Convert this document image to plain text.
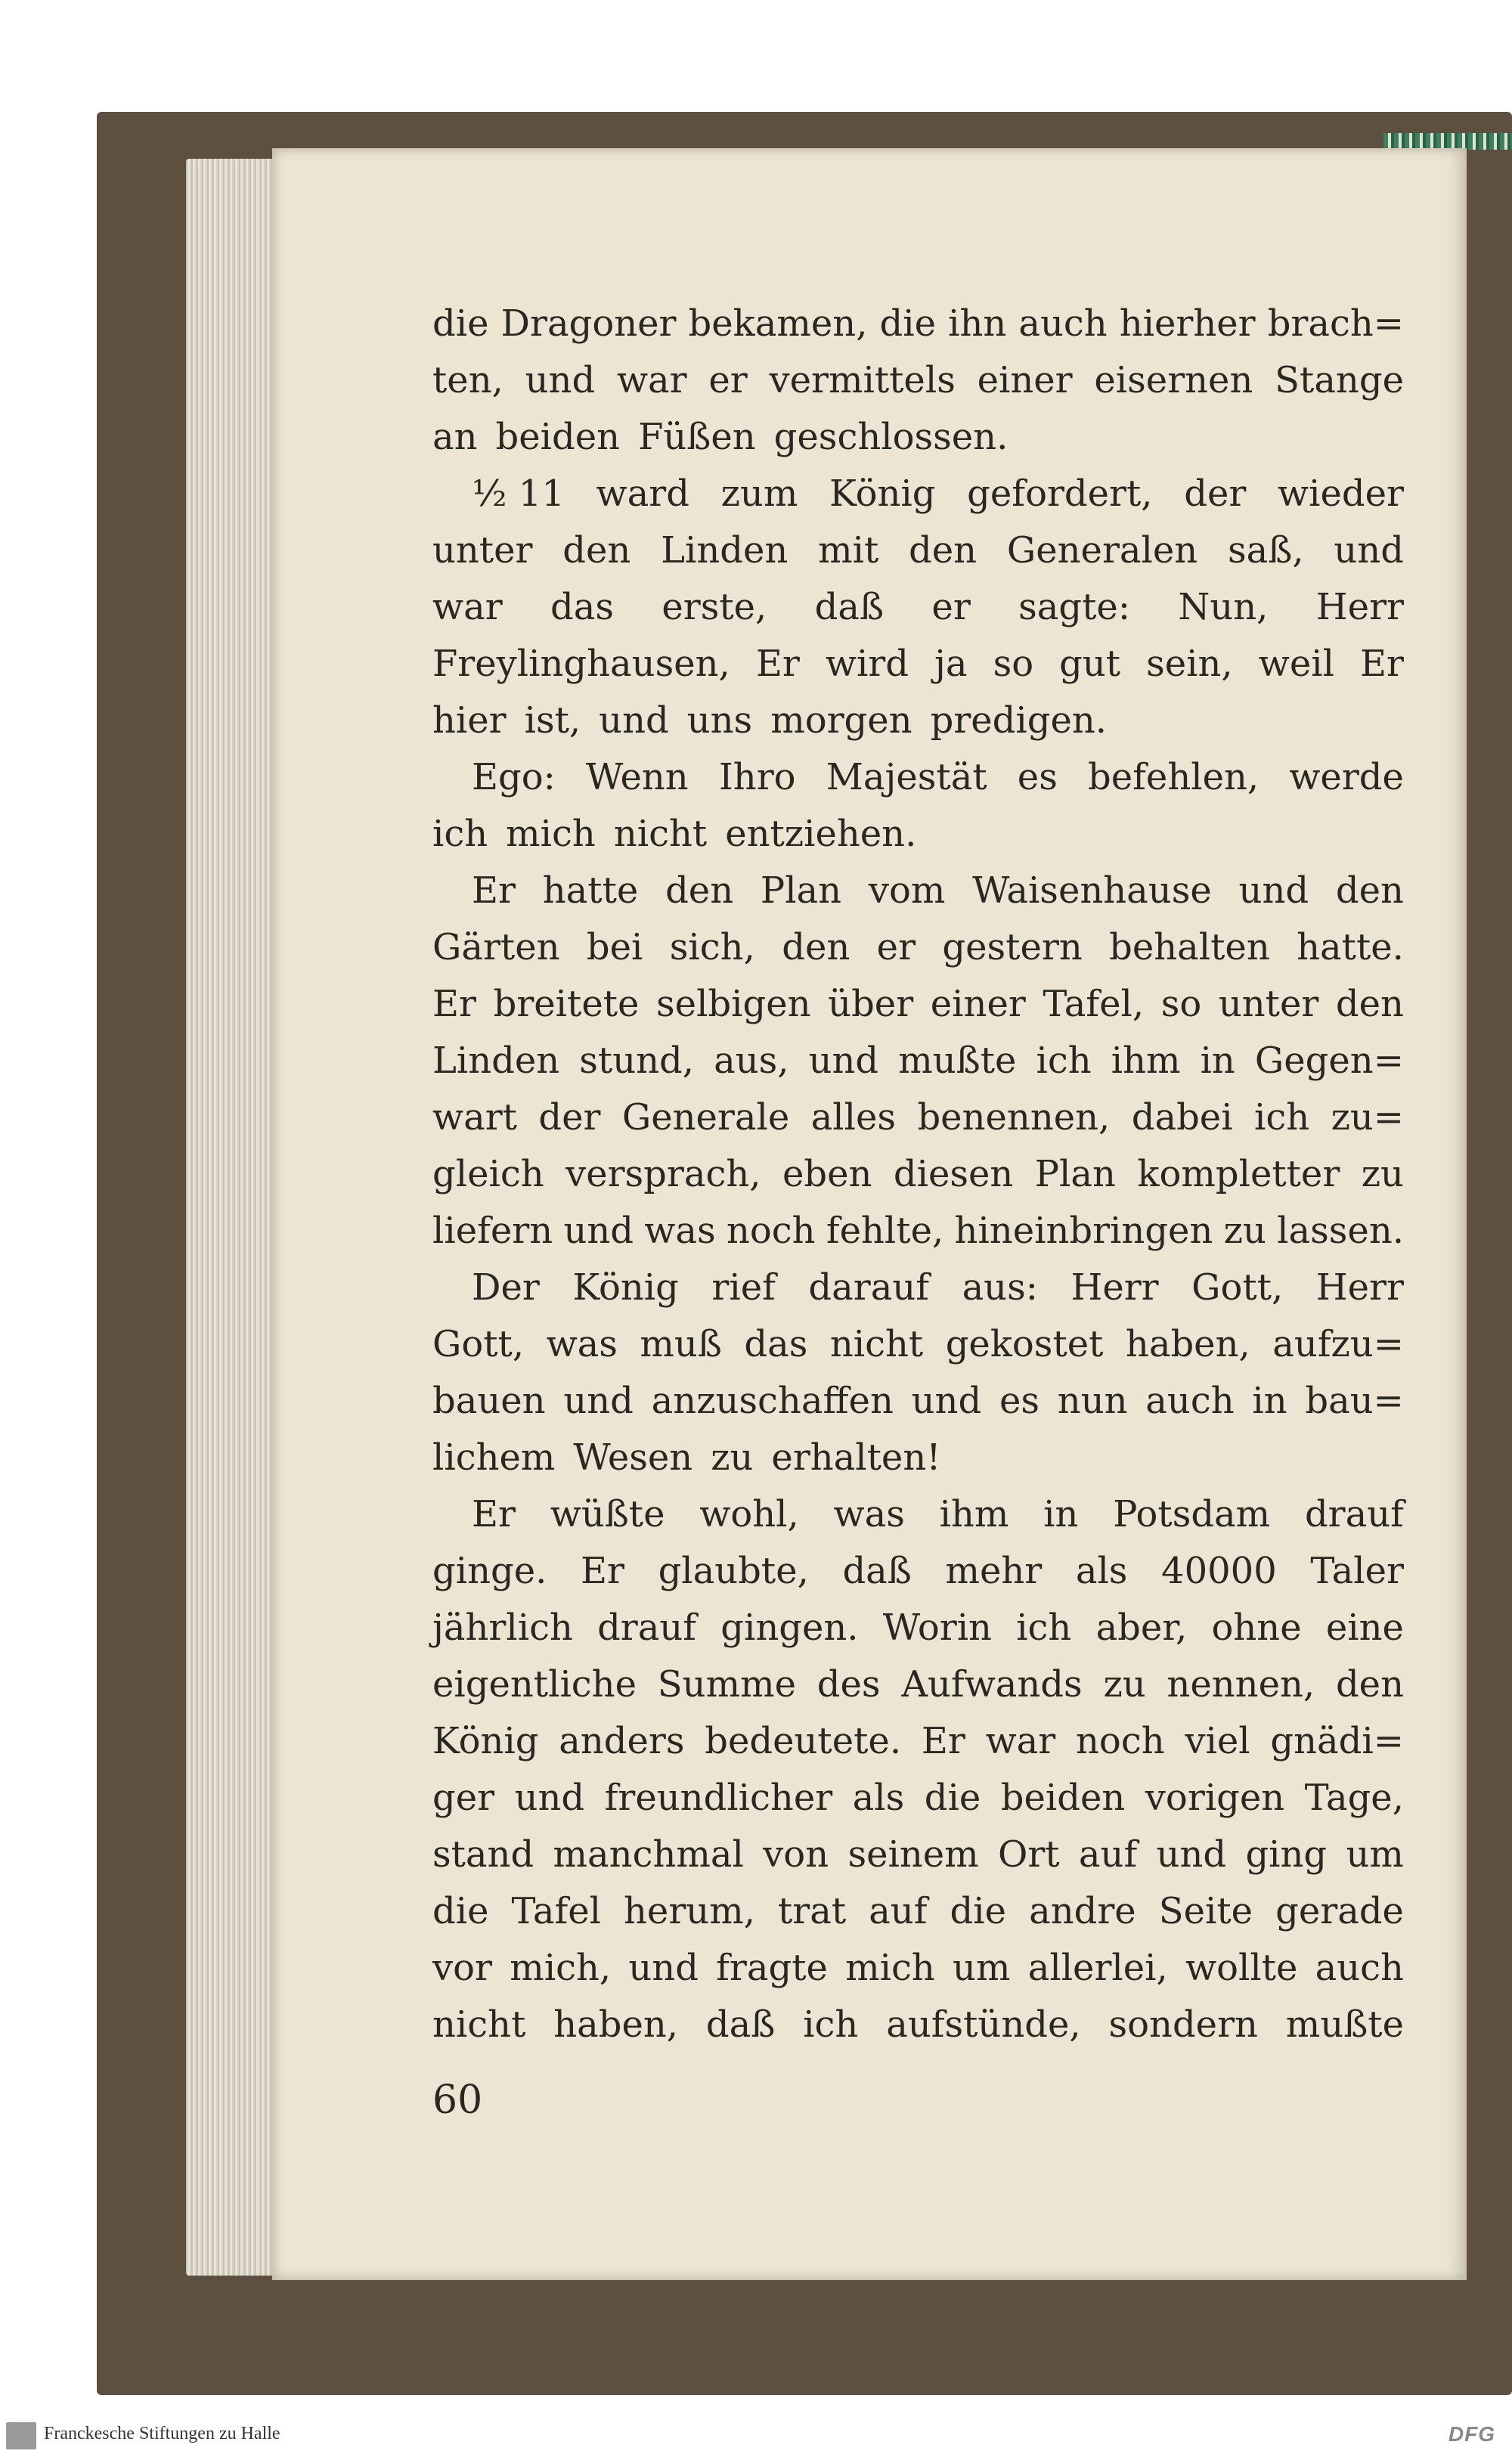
die Dragoner bekamen, die ihn auch hierher brach=
ten, und war er vermittels einer eisernen Stange
an beiden Füßen geschlossen.
½ 11 ward zum König gefordert, der wieder
unter den Linden mit den Generalen saß, und
war das erste, daß er sagte: Nun, Herr
Freylinghausen, Er wird ja so gut sein, weil Er
hier ist, und uns morgen predigen.
Ego: Wenn Ihro Majestät es befehlen, werde
ich mich nicht entziehen.
Er hatte den Plan vom Waisenhause und den
Gärten bei sich, den er gestern behalten hatte.
Er breitete selbigen über einer Tafel, so unter den
Linden stund, aus, und mußte ich ihm in Gegen=
wart der Generale alles benennen, dabei ich zu=
gleich versprach, eben diesen Plan kompletter zu
liefern und was noch fehlte, hineinbringen zu lassen.
Der König rief darauf aus: Herr Gott, Herr
Gott, was muß das nicht gekostet haben, aufzu=
bauen und anzuschaffen und es nun auch in bau=
lichem Wesen zu erhalten!
Er wüßte wohl, was ihm in Potsdam drauf
ginge. Er glaubte, daß mehr als 40000 Taler
jährlich drauf gingen. Worin ich aber, ohne eine
eigentliche Summe des Aufwands zu nennen, den
König anders bedeutete. Er war noch viel gnädi=
ger und freundlicher als die beiden vorigen Tage,
stand manchmal von seinem Ort auf und ging um
die Tafel herum, trat auf die andre Seite gerade
vor mich, und fragte mich um allerlei, wollte auch
nicht haben, daß ich aufstünde, sondern mußte
60
Franckesche Stiftungen zu Halle	DFG
